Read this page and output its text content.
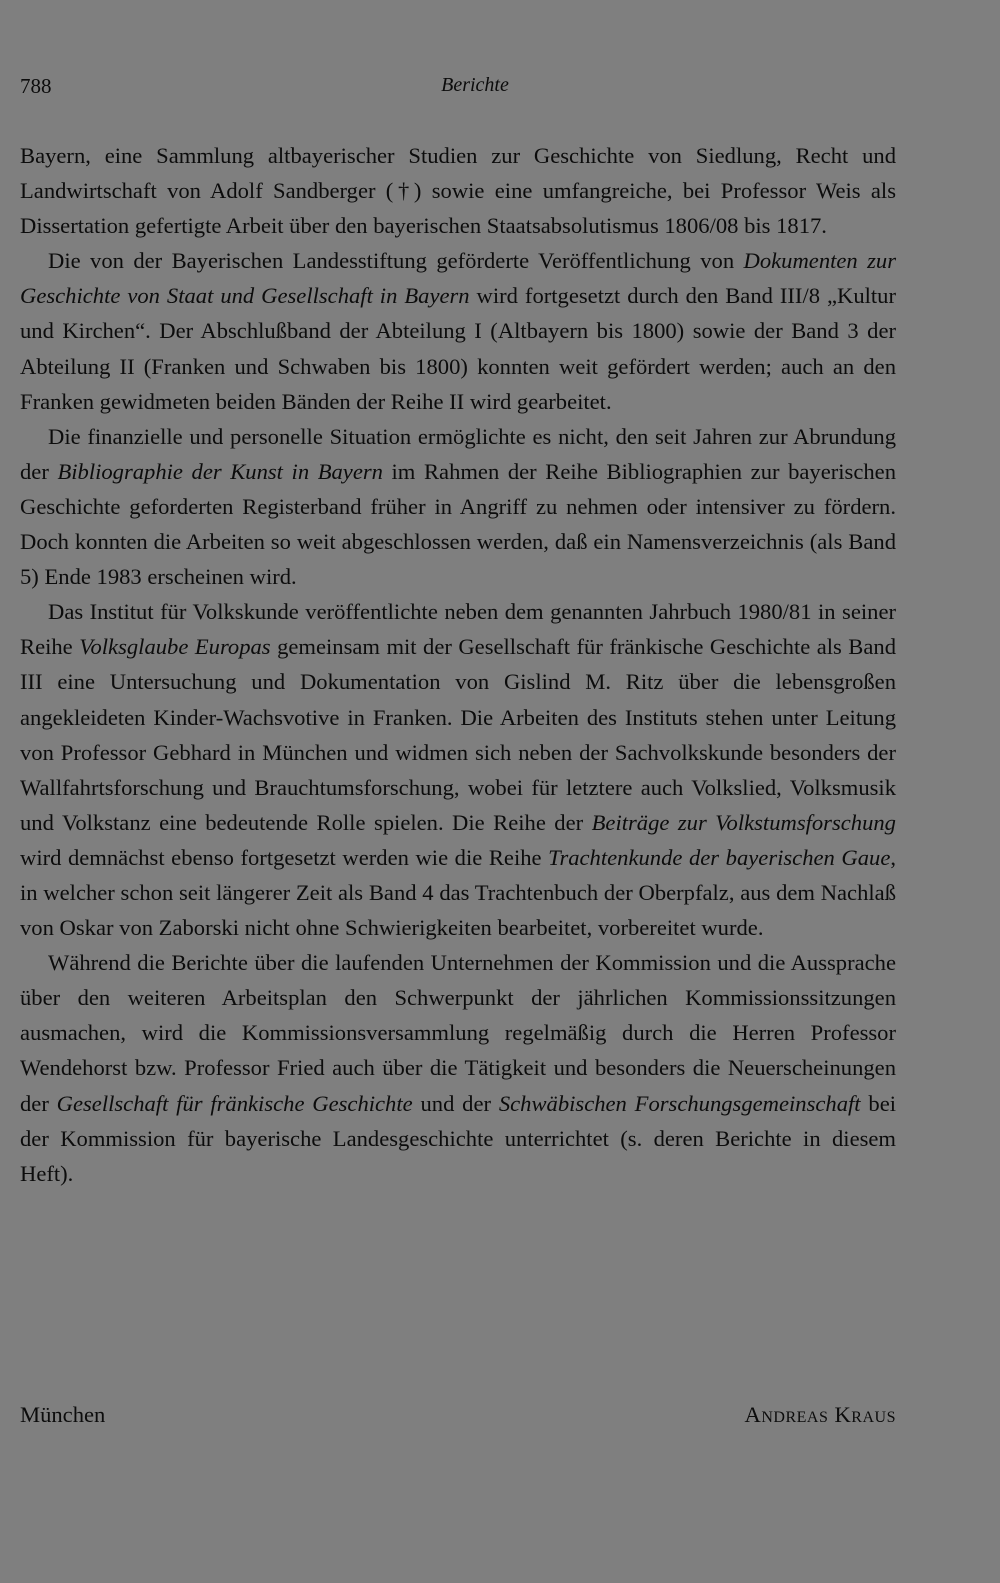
788	Berichte

Bayern, eine Sammlung altbayerischer Studien zur Geschichte von Siedlung, Recht und Landwirtschaft von Adolf Sandberger (†) sowie eine umfangreiche, bei Professor Weis als Dissertation gefertigte Arbeit über den bayerischen Staatsabsolutismus 1806/08 bis 1817.

Die von der Bayerischen Landesstiftung geförderte Veröffentlichung von Dokumenten zur Geschichte von Staat und Gesellschaft in Bayern wird fortgesetzt durch den Band III/8 „Kultur und Kirchen“. Der Abschlußband der Abteilung I (Altbayern bis 1800) sowie der Band 3 der Abteilung II (Franken und Schwaben bis 1800) konnten weit gefördert werden; auch an den Franken gewidmeten beiden Bänden der Reihe II wird gearbeitet.

Die finanzielle und personelle Situation ermöglichte es nicht, den seit Jahren zur Abrundung der Bibliographie der Kunst in Bayern im Rahmen der Reihe Bibliographien zur bayerischen Geschichte geforderten Registerband früher in Angriff zu nehmen oder intensiver zu fördern. Doch konnten die Arbeiten so weit abgeschlossen werden, daß ein Namensverzeichnis (als Band 5) Ende 1983 erscheinen wird.

Das Institut für Volkskunde veröffentlichte neben dem genannten Jahrbuch 1980/81 in seiner Reihe Volksglaube Europas gemeinsam mit der Gesellschaft für fränkische Geschichte als Band III eine Untersuchung und Dokumentation von Gislind M. Ritz über die lebensgroßen angekleideten Kinder-Wachsvotive in Franken. Die Arbeiten des Instituts stehen unter Leitung von Professor Gebhard in München und widmen sich neben der Sachvolkskunde besonders der Wallfahrtsforschung und Brauchtumsforschung, wobei für letztere auch Volkslied, Volksmusik und Volkstanz eine bedeutende Rolle spielen. Die Reihe der Beiträge zur Volkstumsforschung wird demnächst ebenso fortgesetzt werden wie die Reihe Trachtenkunde der bayerischen Gaue, in welcher schon seit längerer Zeit als Band 4 das Trachtenbuch der Oberpfalz, aus dem Nachlaß von Oskar von Zaborski nicht ohne Schwierigkeiten bearbeitet, vorbereitet wurde.

Während die Berichte über die laufenden Unternehmen der Kommission und die Aussprache über den weiteren Arbeitsplan den Schwerpunkt der jährlichen Kommissionssitzungen ausmachen, wird die Kommissionsversammlung regelmäßig durch die Herren Professor Wendehorst bzw. Professor Fried auch über die Tätigkeit und besonders die Neuerscheinungen der Gesellschaft für fränkische Geschichte und der Schwäbischen Forschungsgemeinschaft bei der Kommission für bayerische Landesgeschichte unterrichtet (s. deren Berichte in diesem Heft).

München	Andreas Kraus
